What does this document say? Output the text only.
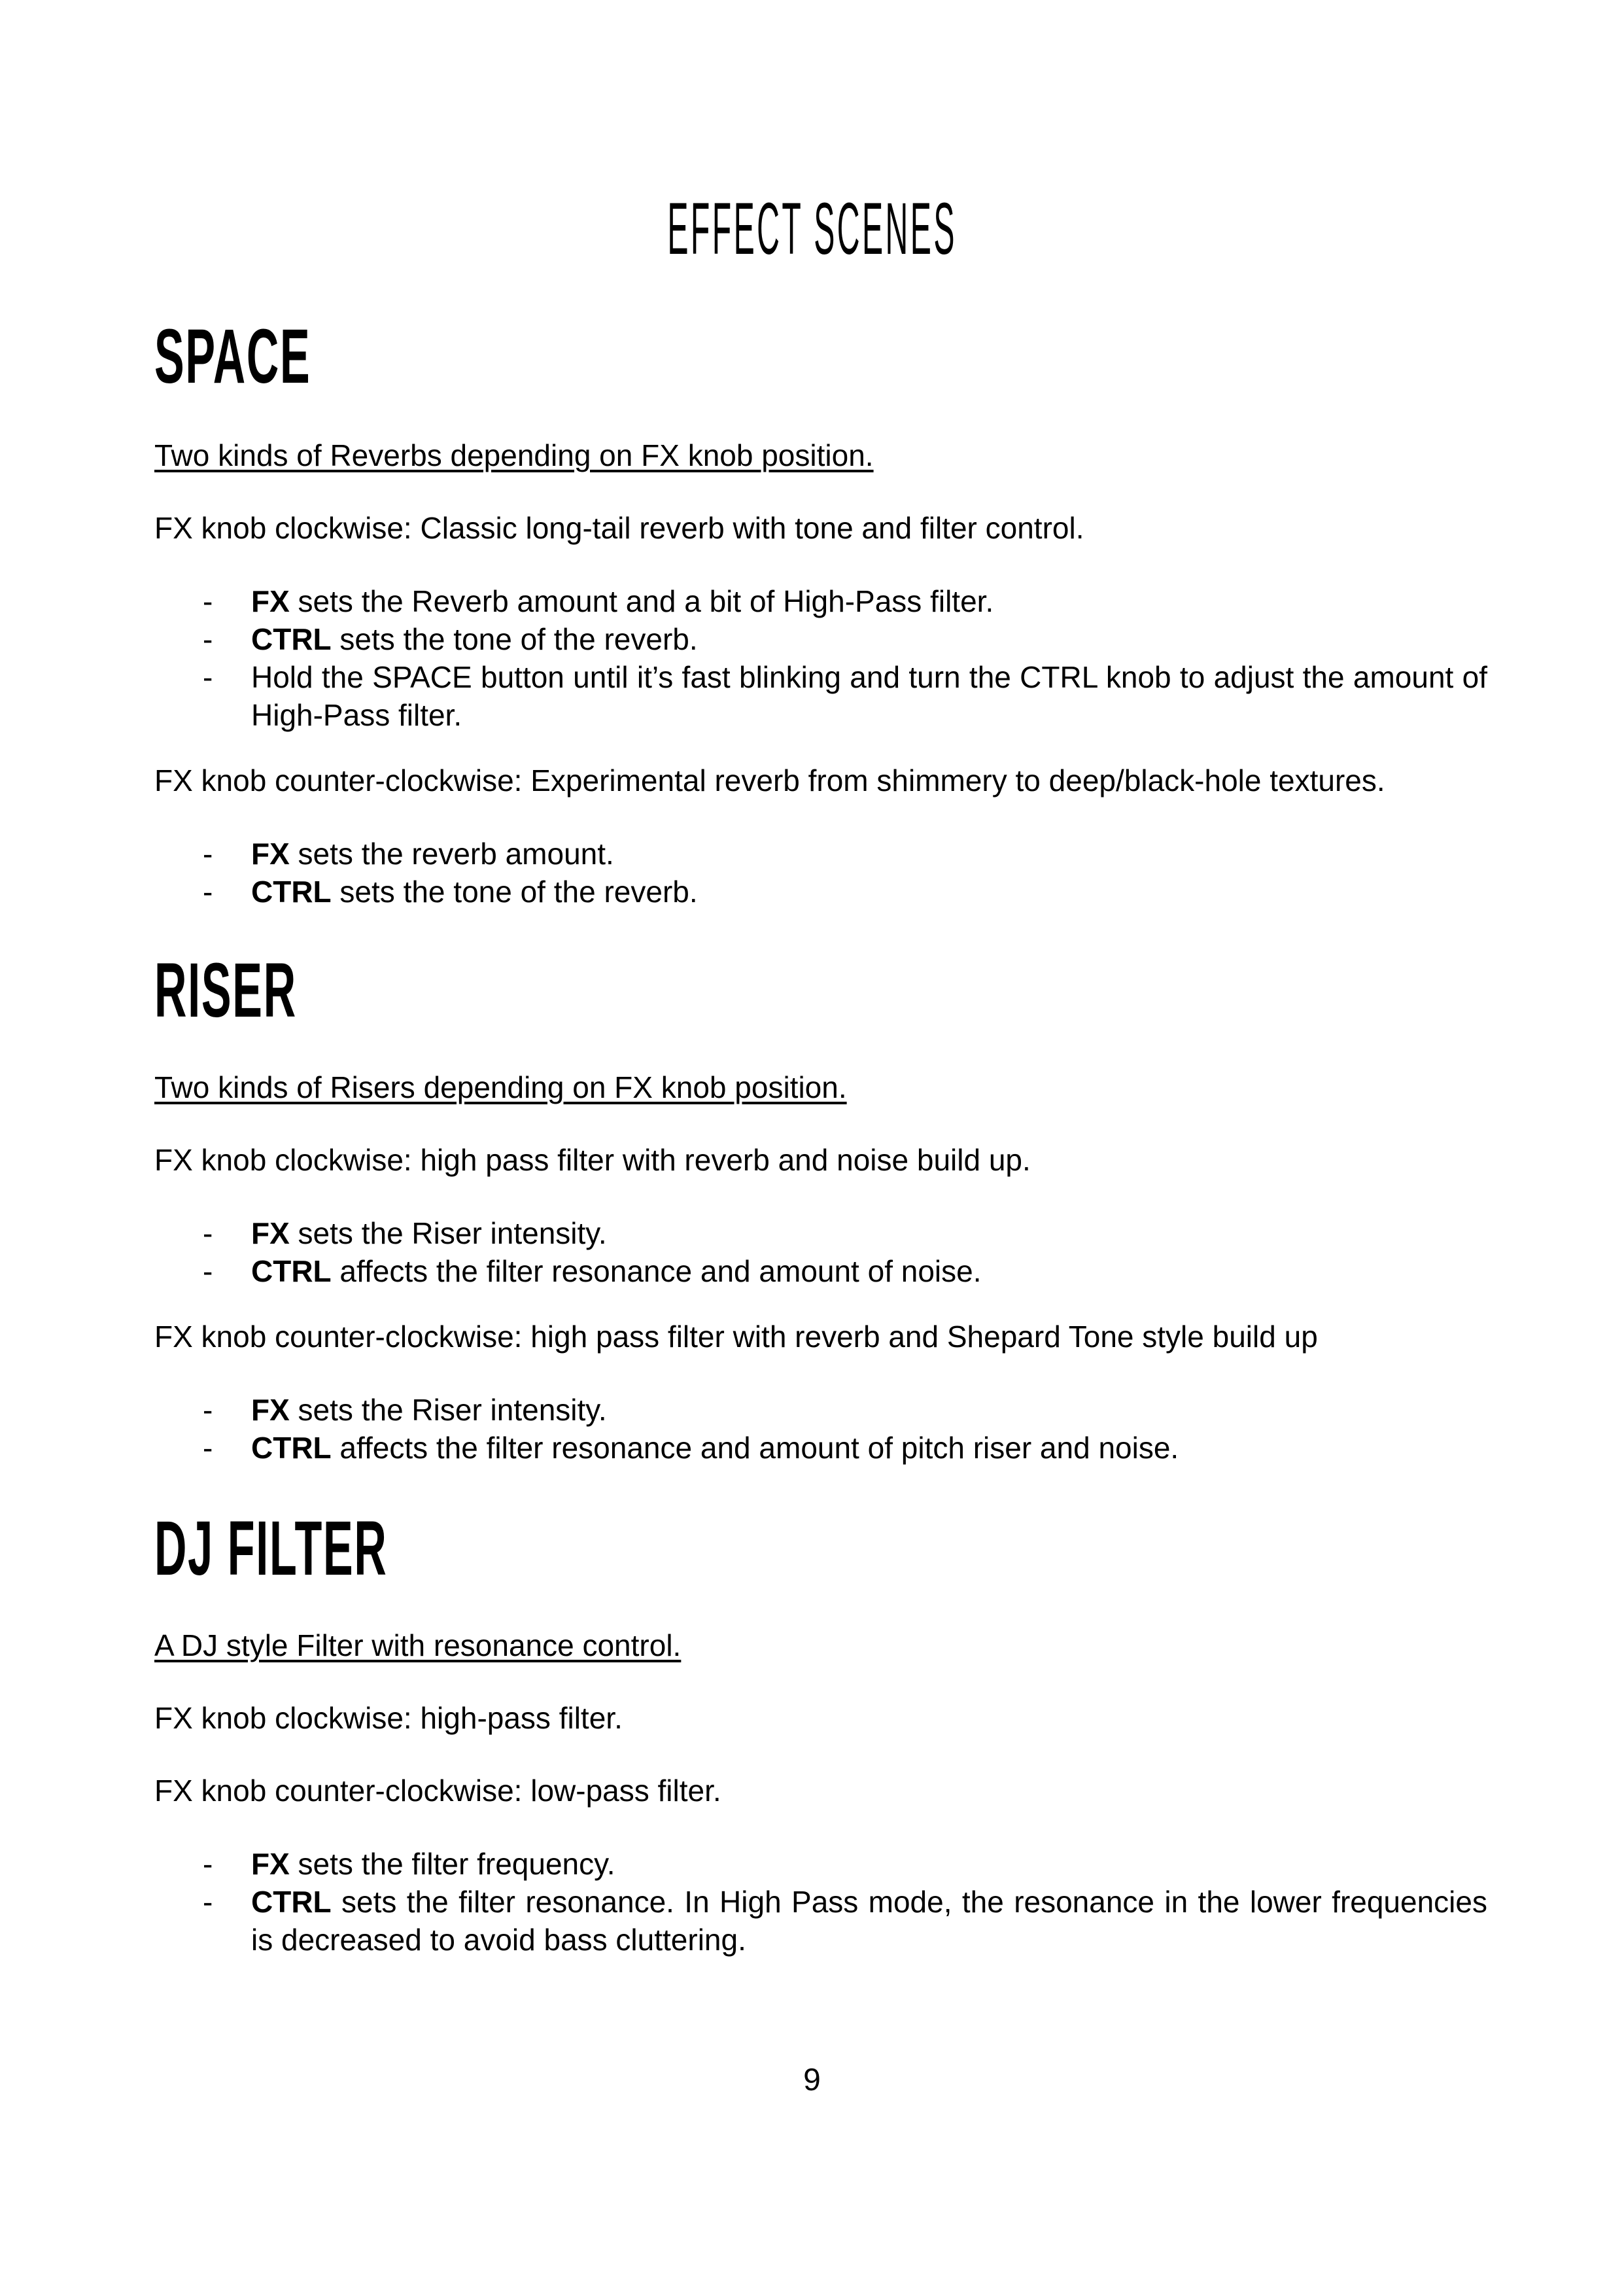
EFFECT SCENES
SPACE
Two kinds of Reverbs depending on FX knob position.
FX knob clockwise: Classic long-tail reverb with tone and filter control.
- FX sets the Reverb amount and a bit of High-Pass filter.
- CTRL sets the tone of the reverb.
- Hold the SPACE button until it’s fast blinking and turn the CTRL knob to adjust the amount of High-Pass filter.
FX knob counter-clockwise: Experimental reverb from shimmery to deep/black-hole textures.
- FX sets the reverb amount.
- CTRL sets the tone of the reverb.
RISER
Two kinds of Risers depending on FX knob position.
FX knob clockwise: high pass filter with reverb and noise build up.
- FX sets the Riser intensity.
- CTRL affects the filter resonance and amount of noise.
FX knob counter-clockwise: high pass filter with reverb and Shepard Tone style build up
- FX sets the Riser intensity.
- CTRL affects the filter resonance and amount of pitch riser and noise.
DJ FILTER
A DJ style Filter with resonance control.
FX knob clockwise: high-pass filter.
FX knob counter-clockwise: low-pass filter.
- FX sets the filter frequency.
- CTRL sets the filter resonance. In High Pass mode, the resonance in the lower frequencies is decreased to avoid bass cluttering.
9
